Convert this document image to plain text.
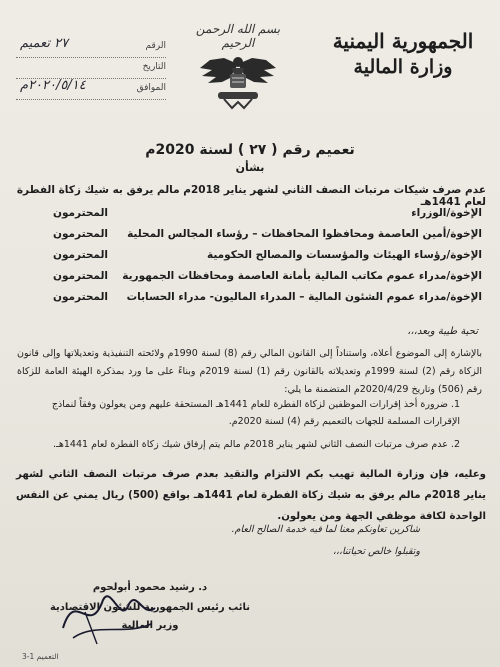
الجمهورية اليمنية
وزارة المالية
بسم الله الرحمن الرحيم
الرقم
٢٧ تعميم
التاريخ
الموافق
٢٠٢٠/٥/١٤م
تعميم رقم ( ٢٧ ) لسنة 2020م
بشأن
عدم صرف شيكات مرتبات النصف الثاني لشهر يناير 2018م مالم يرفق به شيك زكاة الفطرة لعام 1441هـ
الإخوة/الوزراء
المحترمون
الإخوة/أمين العاصمة ومحافظوا المحافظات – رؤساء المجالس المحلية
المحترمون
الإخوة/رؤساء الهيئات والمؤسسات والمصالح الحكومية
المحترمون
الإخوة/مدراء عموم مكاتب المالية بأمانة العاصمة ومحافظات الجمهورية
المحترمون
الإخوة/مدراء عموم الشئون المالية – المدراء الماليون- مدراء الحسابات
المحترمون
تحية طيبة وبعد،،،
بالإشارة إلى الموضوع أعلاه، واستناداً إلى القانون المالي رقم (8) لسنة 1990م ولائحته التنفيذية وتعديلاتها وإلى قانون الزكاة رقم (2) لسنة 1999م وتعديلاته بالقانون رقم (1) لسنة 2019م وبناءً على ما ورد بمذكرة الهيئة العامة للزكاة رقم (506) وتاريخ 2020/4/29م المتضمنة ما يلي:
1. ضرورة أخذ إقرارات الموظفين لزكاة الفطرة للعام 1441هـ المستحقة عليهم ومن يعولون وفقاً لنماذج الإقرارات المسلمة للجهات بالتعميم رقم (4) لسنة 2020م.
2. عدم صرف مرتبات النصف الثاني لشهر يناير 2018م مالم يتم إرفاق شيك زكاة الفطرة لعام 1441هـ.
وعليه، فإن وزارة المالية تهيب بكم الالتزام والتقيد بعدم صرف مرتبات النصف الثاني لشهر يناير 2018م مالم يرفق به شيك زكاة الفطرة لعام 1441هـ بواقع (500) ريال يمني عن النفس الواحدة لكافة موظفي الجهة ومن يعولون.
شاكرين تعاونكم معنا لما فيه خدمة الصالح العام.
وتقبلوا خالص تحياتنا،،،
د. رشيد محمود أبولحوم
نائب رئيس الجمهورية للشئون الاقتصادية
وزير المالية
التعميم 1-3
